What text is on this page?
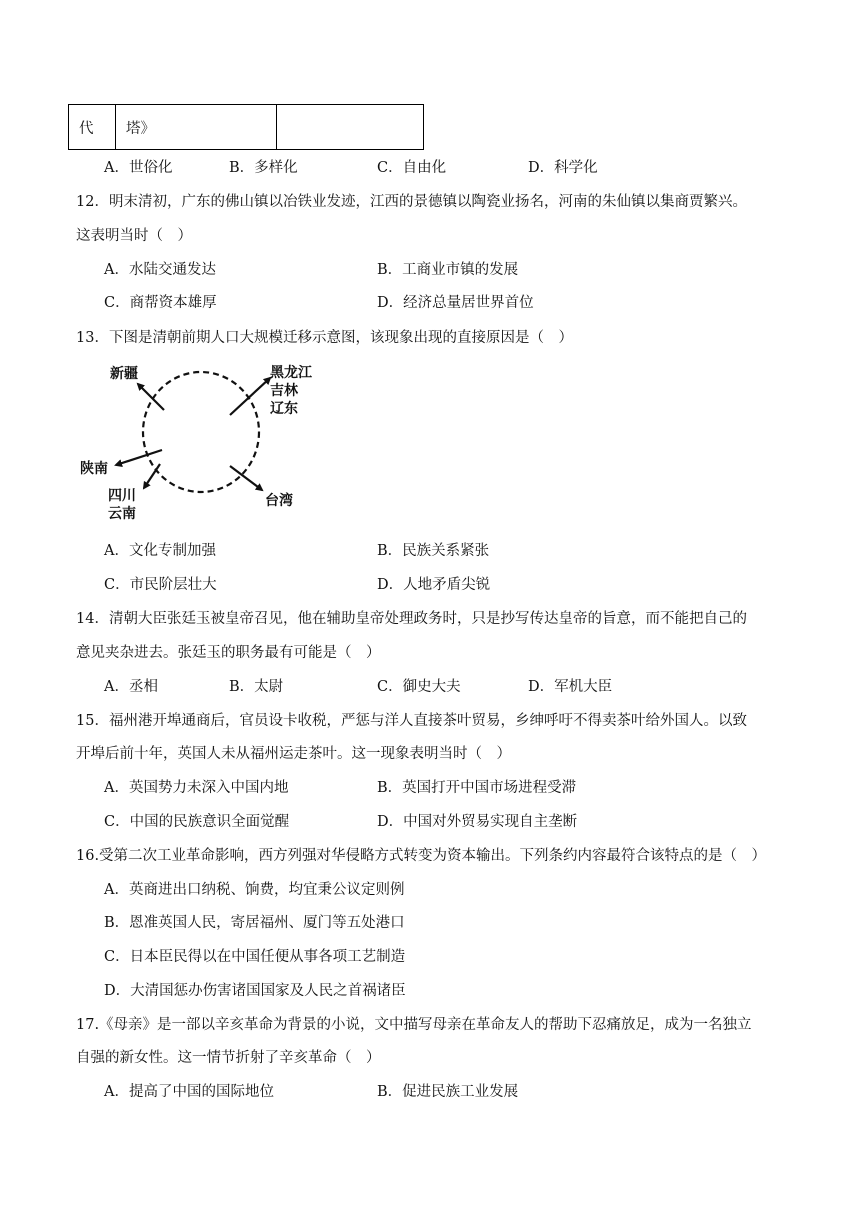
代	塔》	
A．世俗化	B．多样化	C．自由化	D．科学化
12．明末清初，广东的佛山镇以冶铁业发迹，江西的景德镇以陶瓷业扬名，河南的朱仙镇以集商贾繁兴。
这表明当时（　）
A．水陆交通发达	B．工商业市镇的发展
C．商帮资本雄厚	D．经济总量居世界首位
13．下图是清朝前期人口大规模迁移示意图，该现象出现的直接原因是（　）
新疆	黑龙江
吉林
辽东
陕南
四川
云南
台湾
A．文化专制加强	B．民族关系紧张
C．市民阶层壮大	D．人地矛盾尖锐
14．清朝大臣张廷玉被皇帝召见，他在辅助皇帝处理政务时，只是抄写传达皇帝的旨意，而不能把自己的
意见夹杂进去。张廷玉的职务最有可能是（　）
A．丞相	B．太尉	C．御史大夫	D．军机大臣
15．福州港开埠通商后，官员设卡收税，严惩与洋人直接茶叶贸易，乡绅呼吁不得卖茶叶给外国人。以致
开埠后前十年，英国人未从福州运走茶叶。这一现象表明当时（　）
A．英国势力未深入中国内地	B．英国打开中国市场进程受滞
C．中国的民族意识全面觉醒	D．中国对外贸易实现自主垄断
16.受第二次工业革命影响，西方列强对华侵略方式转变为资本输出。下列条约内容最符合该特点的是（　）
A．英商进出口纳税、饷费，均宜秉公议定则例
B．恩准英国人民，寄居福州、厦门等五处港口
C．日本臣民得以在中国任便从事各项工艺制造
D．大清国惩办伤害诸国国家及人民之首祸诸臣
17.《母亲》是一部以辛亥革命为背景的小说，文中描写母亲在革命友人的帮助下忍痛放足，成为一名独立
自强的新女性。这一情节折射了辛亥革命（　）
A．提高了中国的国际地位	B．促进民族工业发展
